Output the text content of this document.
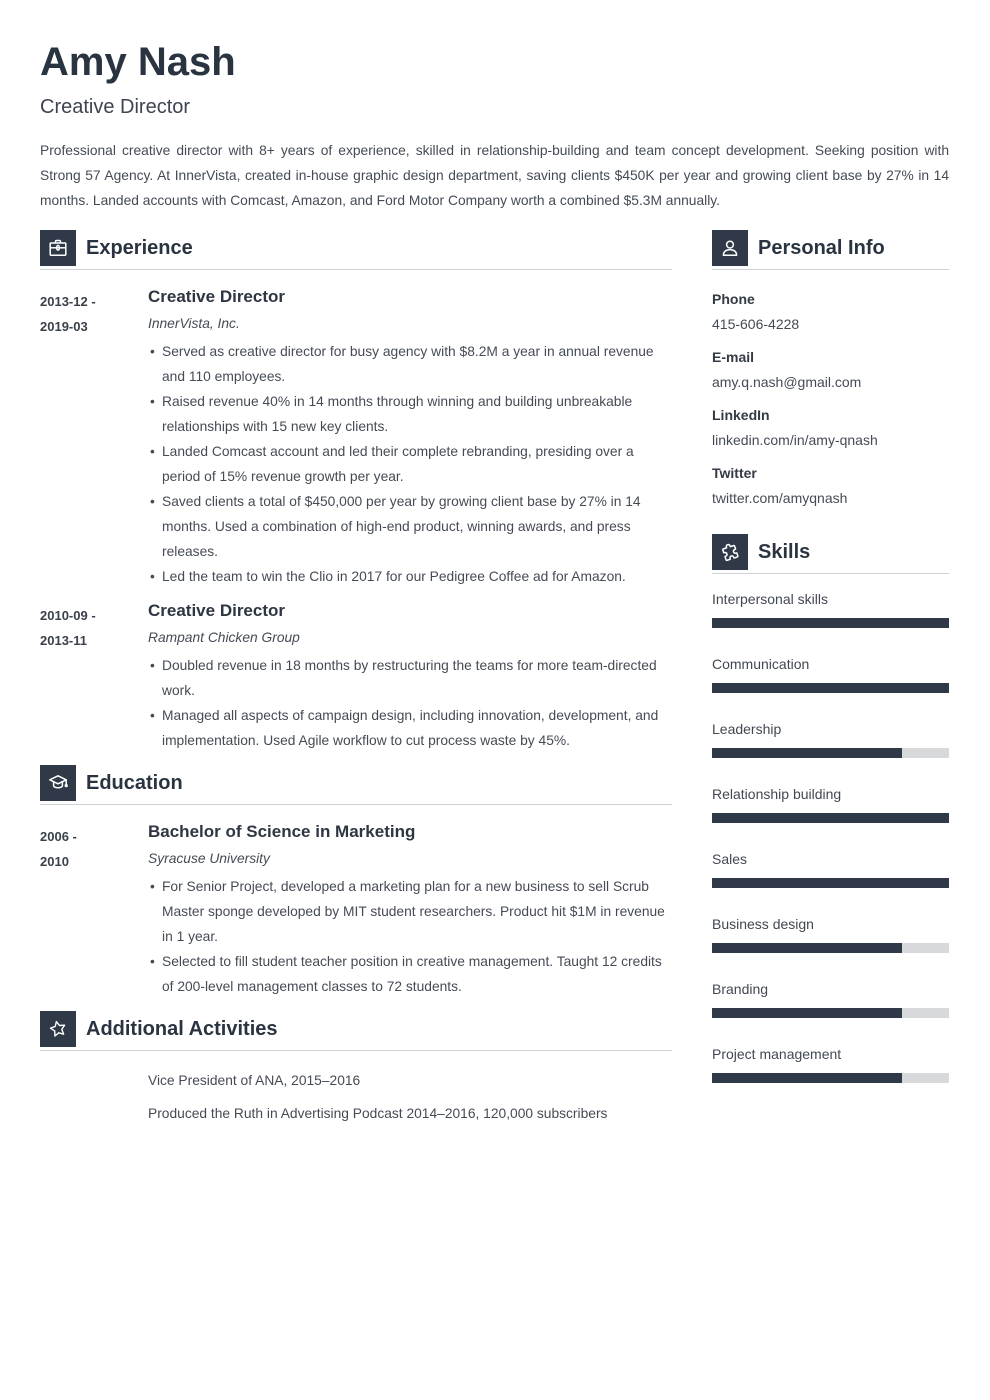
Amy Nash
Creative Director

Professional creative director with 8+ years of experience, skilled in relationship-building and team concept development. Seeking position with Strong 57 Agency. At InnerVista, created in-house graphic design department, saving clients $450K per year and growing client base by 27% in 14 months. Landed accounts with Comcast, Amazon, and Ford Motor Company worth a combined $5.3M annually.

Experience
2013-12 -
2019-03
Creative Director
InnerVista, Inc.
• Served as creative director for busy agency with $8.2M a year in annual revenue and 110 employees.
• Raised revenue 40% in 14 months through winning and building unbreakable relationships with 15 new key clients.
• Landed Comcast account and led their complete rebranding, presiding over a period of 15% revenue growth per year.
• Saved clients a total of $450,000 per year by growing client base by 27% in 14 months. Used a combination of high-end product, winning awards, and press releases.
• Led the team to win the Clio in 2017 for our Pedigree Coffee ad for Amazon.
2010-09 -
2013-11
Creative Director
Rampant Chicken Group
• Doubled revenue in 18 months by restructuring the teams for more team-directed work.
• Managed all aspects of campaign design, including innovation, development, and implementation. Used Agile workflow to cut process waste by 45%.
Education
2006 -
2010
Bachelor of Science in Marketing
Syracuse University
• For Senior Project, developed a marketing plan for a new business to sell Scrub Master sponge developed by MIT student researchers. Product hit $1M in revenue in 1 year.
• Selected to fill student teacher position in creative management. Taught 12 credits of 200-level management classes to 72 students.
Additional Activities
Vice President of ANA, 2015–2016
Produced the Ruth in Advertising Podcast 2014–2016, 120,000 subscribers
Personal Info
Phone
415-606-4228
E-mail
amy.q.nash@gmail.com
LinkedIn
linkedin.com/in/amy-qnash
Twitter
twitter.com/amyqnash
Skills
Interpersonal skills
Communication
Leadership
Relationship building
Sales
Business design
Branding
Project management
